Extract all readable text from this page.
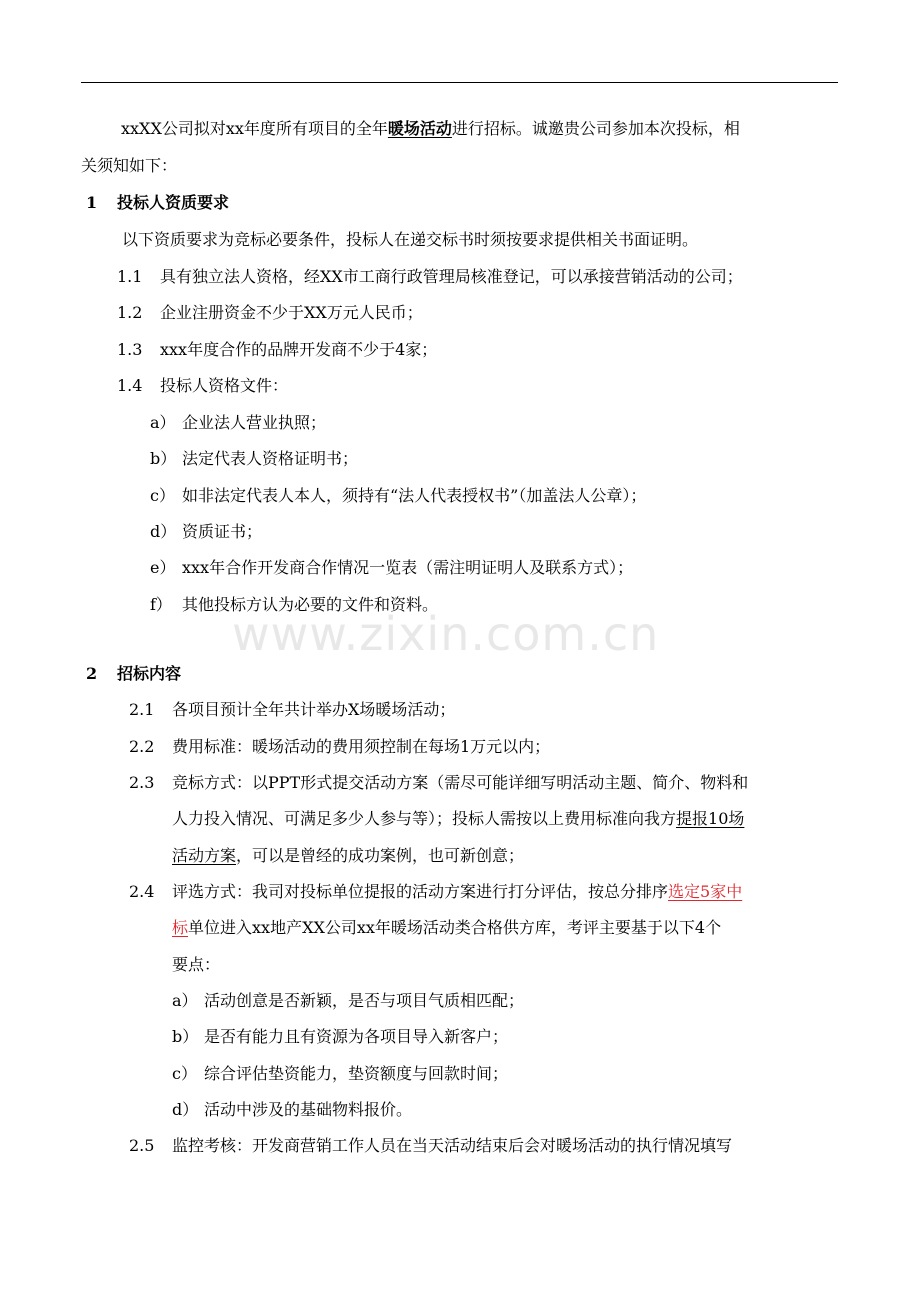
www.zixin.com.cn
xxXX公司拟对xx年度所有项目的全年暖场活动进行招标。诚邀贵公司参加本次投标，相
关须知如下：
1 投标人资质要求
以下资质要求为竞标必要条件，投标人在递交标书时须按要求提供相关书面证明。
1.1 具有独立法人资格，经XX市工商行政管理局核准登记，可以承接营销活动的公司；
1.2 企业注册资金不少于XX万元人民币；
1.3 xxx年度合作的品牌开发商不少于4家；
1.4 投标人资格文件：
a） 企业法人营业执照；
b） 法定代表人资格证明书；
c） 如非法定代表人本人，须持有“法人代表授权书”（加盖法人公章）；
d） 资质证书；
e） xxx年合作开发商合作情况一览表（需注明证明人及联系方式）；
f） 其他投标方认为必要的文件和资料。
2 招标内容
2.1 各项目预计全年共计举办X场暖场活动；
2.2 费用标准：暖场活动的费用须控制在每场1万元以内；
2.3 竞标方式：以PPT形式提交活动方案（需尽可能详细写明活动主题、简介、物料和
人力投入情况、可满足多少人参与等）；投标人需按以上费用标准向我方提报10场
活动方案，可以是曾经的成功案例，也可新创意；
2.4 评选方式：我司对投标单位提报的活动方案进行打分评估，按总分排序选定5家中
标单位进入xx地产XX公司xx年暖场活动类合格供方库，考评主要基于以下4个
要点：
a） 活动创意是否新颖，是否与项目气质相匹配；
b） 是否有能力且有资源为各项目导入新客户；
c） 综合评估垫资能力，垫资额度与回款时间；
d） 活动中涉及的基础物料报价。
2.5 监控考核：开发商营销工作人员在当天活动结束后会对暖场活动的执行情况填写
